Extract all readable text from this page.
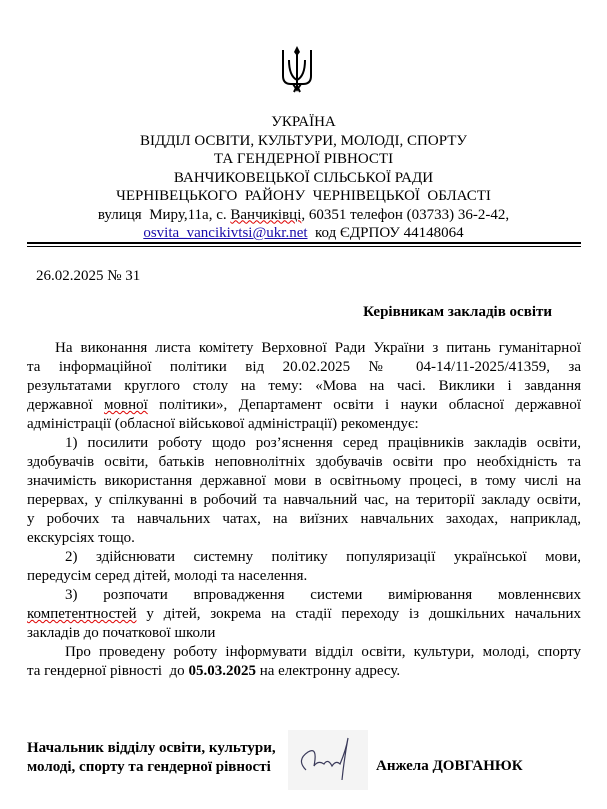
УКРАЇНА
ВІДДІЛ ОСВІТИ, КУЛЬТУРИ, МОЛОДІ, СПОРТУ
ТА ГЕНДЕРНОЇ РІВНОСТІ
ВАНЧИКОВЕЦЬКОЇ СІЛЬСЬКОЇ РАДИ
ЧЕРНІВЕЦЬКОГО  РАЙОНУ  ЧЕРНІВЕЦЬКОЇ  ОБЛАСТІ
вулиця  Миру,11а, с. Ванчиківці, 60351 телефон (03733) 36-2-42,
osvita_vancikivtsi@ukr.net  код ЄДРПОУ 44148064
26.02.2025 № 31
Керівникам закладів освіти
На виконання листа комітету Верховної Ради України з питань гуманітарної
та інформаційної політики від 20.02.2025 № 04-14/11-2025/41359, за
результатами круглого столу на тему: «Мова на часі. Виклики і завдання
державної мовної політики», Департамент освіти і науки обласної державної
адміністрації (обласної військової адміністрації) рекомендує:
1) посилити роботу щодо роз’яснення серед працівників закладів освіти,
здобувачів освіти, батьків неповнолітніх здобувачів освіти про необхідність та
значимість використання державної мови в освітньому процесі, в тому числі на
перервах, у спілкуванні в робочий та навчальний час, на території закладу освіти,
у робочих та навчальних чатах, на виїзних навчальних заходах, наприклад,
екскурсіях тощо.
2) здійснювати системну політику популяризації української мови,
передусім серед дітей, молоді та населення.
3) розпочати впровадження системи вимірювання мовленнєвих
компетентностей у дітей, зокрема на стадії переходу із дошкільних начальних
закладів до початкової школи
Про проведену роботу інформувати відділ освіти, культури, молоді, спорту
та гендерної рівності  до 05.03.2025 на електронну адресу.
Начальник відділу освіти, культури,
молоді, спорту та гендерної рівності	Анжела ДОВГАНЮК
